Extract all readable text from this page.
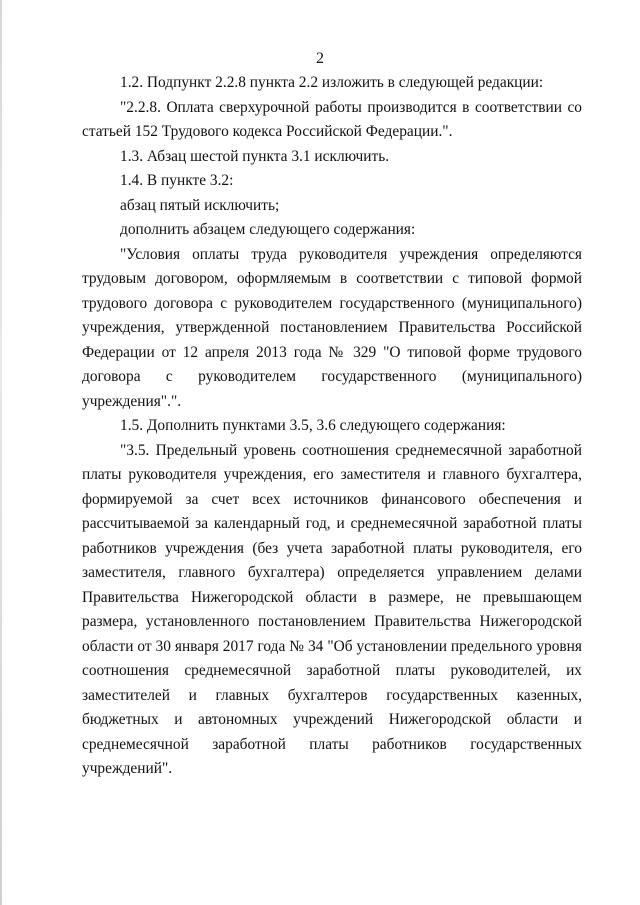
2

1.2. Подпункт 2.2.8 пункта 2.2 изложить в следующей редакции:

"2.2.8. Оплата сверхурочной работы производится в соответствии со статьей 152 Трудового кодекса Российской Федерации.".

1.3. Абзац шестой пункта 3.1 исключить.

1.4. В пункте 3.2:

абзац пятый исключить;

дополнить абзацем следующего содержания:

"Условия оплаты труда руководителя учреждения определяются трудовым договором, оформляемым в соответствии с типовой формой трудового договора с руководителем государственного (муниципального) учреждения, утвержденной постановлением Правительства Российской Федерации от 12 апреля 2013 года № 329 "О типовой форме трудового договора с руководителем государственного (муниципального) учреждения".".

1.5. Дополнить пунктами 3.5, 3.6 следующего содержания:

"3.5. Предельный уровень соотношения среднемесячной заработной платы руководителя учреждения, его заместителя и главного бухгалтера, формируемой за счет всех источников финансового обеспечения и рассчитываемой за календарный год, и среднемесячной заработной платы работников учреждения (без учета заработной платы руководителя, его заместителя, главного бухгалтера) определяется управлением делами Правительства Нижегородской области в размере, не превышающем размера, установленного постановлением Правительства Нижегородской области от 30 января 2017 года № 34 "Об установлении предельного уровня соотношения среднемесячной заработной платы руководителей, их заместителей и главных бухгалтеров государственных казенных, бюджетных и автономных учреждений Нижегородской области и среднемесячной заработной платы работников государственных учреждений".
